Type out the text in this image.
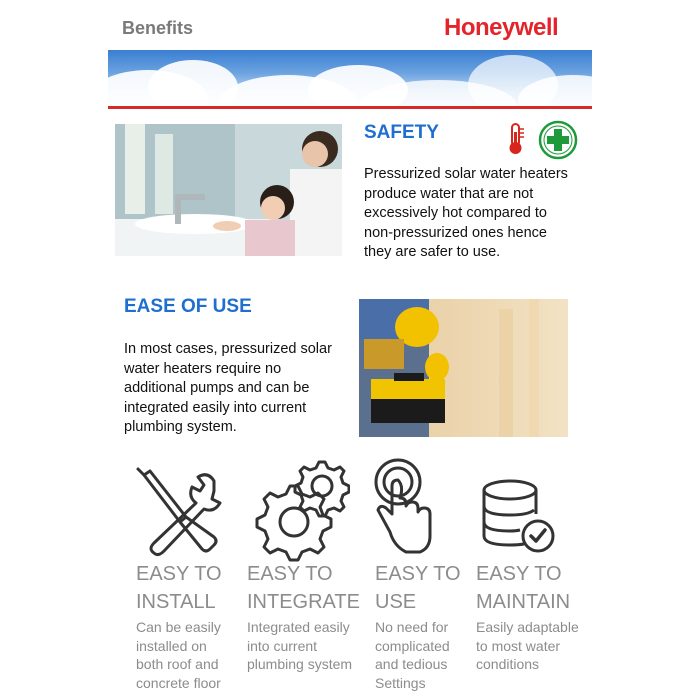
Benefits	Honeywell
SAFETY
Pressurized solar water heaters
produce water that are not
excessively hot compared to
non-pressurized ones hence
they are safer to use.
EASE OF USE
In most cases, pressurized solar
water heaters require no
additional pumps and can be
integrated easily into current
plumbing system.
EASY TO
INSTALL
Can be easily
installed on
both roof and
concrete floor
EASY TO
INTEGRATE
Integrated easily
into current
plumbing system
EASY TO
USE
No need for
complicated
and tedious
Settings
EASY TO
MAINTAIN
Easily adaptable
to most water
conditions
